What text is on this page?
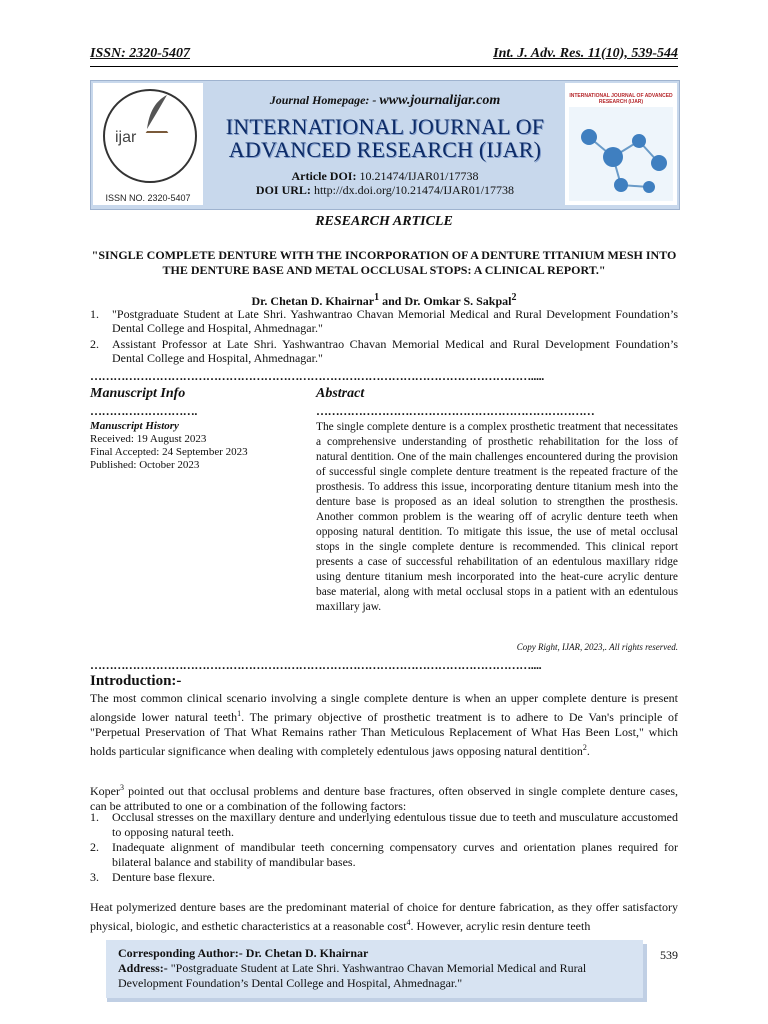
ISSN: 2320-5407	Int. J. Adv. Res. 11(10), 539-544
ijar
ISSN NO. 2320-5407
Journal Homepage: - www.journalijar.com
INTERNATIONAL JOURNAL OF
ADVANCED RESEARCH (IJAR)
Article DOI: 10.21474/IJAR01/17738
DOI URL: http://dx.doi.org/10.21474/IJAR01/17738
INTERNATIONAL JOURNAL OF ADVANCED RESEARCH (IJAR)
RESEARCH ARTICLE
"SINGLE COMPLETE DENTURE WITH THE INCORPORATION OF A DENTURE TITANIUM MESH INTO THE DENTURE BASE AND METAL OCCLUSAL STOPS: A CLINICAL REPORT."
Dr. Chetan D. Khairnar$^1$ and Dr. Omkar S. Sakpal$^2$
1. "Postgraduate Student at Late Shri. Yashwantrao Chavan Memorial Medical and Rural Development Foundation’s Dental College and Hospital, Ahmednagar."
2. Assistant Professor at Late Shri. Yashwantrao Chavan Memorial Medical and Rural Development Foundation’s Dental College and Hospital, Ahmednagar."
…………………………………………………………………………………………………….....
Manuscript Info	Abstract
……………………….	………………………………………………………………
Manuscript History
Received: 19 August 2023
Final Accepted: 24 September 2023
Published: October 2023
The single complete denture is a complex prosthetic treatment that necessitates a comprehensive understanding of prosthetic rehabilitation for the loss of natural dentition. One of the main challenges encountered during the provision of successful single complete denture treatment is the repeated fracture of the prosthesis. To address this issue, incorporating denture titanium mesh into the denture base is proposed as an ideal solution to strengthen the prosthesis. Another common problem is the wearing off of acrylic denture teeth when opposing natural dentition. To mitigate this issue, the use of metal occlusal stops in the single complete denture is recommended. This clinical report presents a case of successful rehabilitation of an edentulous maxillary ridge using denture titanium mesh incorporated into the heat-cure acrylic denture base material, along with metal occlusal stops in a patient with an edentulous maxillary jaw.
Copy Right, IJAR, 2023,. All rights reserved.
……………………………………………………………………………………………………....
Introduction:-
The most common clinical scenario involving a single complete denture is when an upper complete denture is present alongside lower natural teeth$^1$. The primary objective of prosthetic treatment is to adhere to De Van's principle of "Perpetual Preservation of That What Remains rather Than Meticulous Replacement of What Has Been Lost," which holds particular significance when dealing with completely edentulous jaws opposing natural dentition$^2$.
Koper$^3$ pointed out that occlusal problems and denture base fractures, often observed in single complete denture cases, can be attributed to one or a combination of the following factors:
1. Occlusal stresses on the maxillary denture and underlying edentulous tissue due to teeth and musculature accustomed to opposing natural teeth.
2. Inadequate alignment of mandibular teeth concerning compensatory curves and orientation planes required for bilateral balance and stability of mandibular bases.
3. Denture base flexure.
Heat polymerized denture bases are the predominant material of choice for denture fabrication, as they offer satisfactory physical, biologic, and esthetic characteristics at a reasonable cost$^4$. However, acrylic resin denture teeth
Corresponding Author:- Dr. Chetan D. Khairnar
Address:- "Postgraduate Student at Late Shri. Yashwantrao Chavan Memorial Medical and Rural Development Foundation’s Dental College and Hospital, Ahmednagar."
539
